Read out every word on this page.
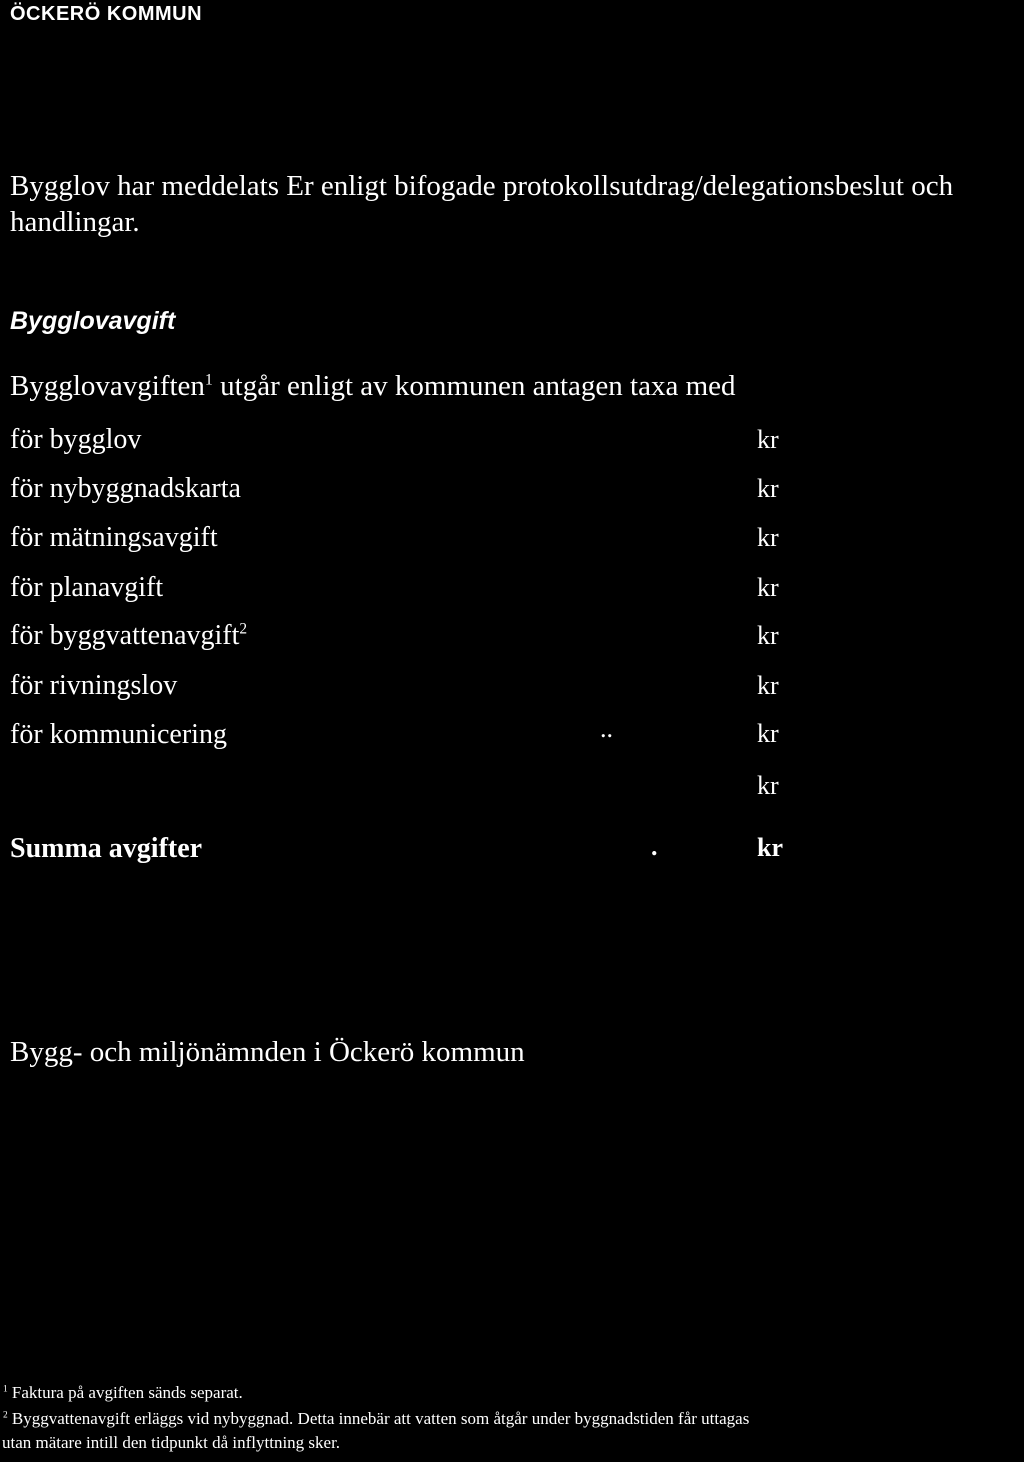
ÖCKERÖ KOMMUN
Bygglov har meddelats Er enligt bifogade protokollsutdrag/delegationsbeslut och handlingar.
Bygglovavgift
Bygglovavgiften$^1$ utgår enligt av kommunen antagen taxa med
för bygglov	kr
för nybyggnadskarta	kr
för mätningsavgift	kr
för planavgift	kr
för byggvattenavgift$^2$	kr
för rivningslov	kr
för kommunicering	..	kr
kr
Summa avgifter	.	kr
Bygg- och miljönämnden i Öckerö kommun
$^1$ Faktura på avgiften sänds separat.
$^2$ Byggvattenavgift erläggs vid nybyggnad. Detta innebär att vatten som åtgår under byggnadstiden får uttagas
utan mätare intill den tidpunkt då inflyttning sker.
